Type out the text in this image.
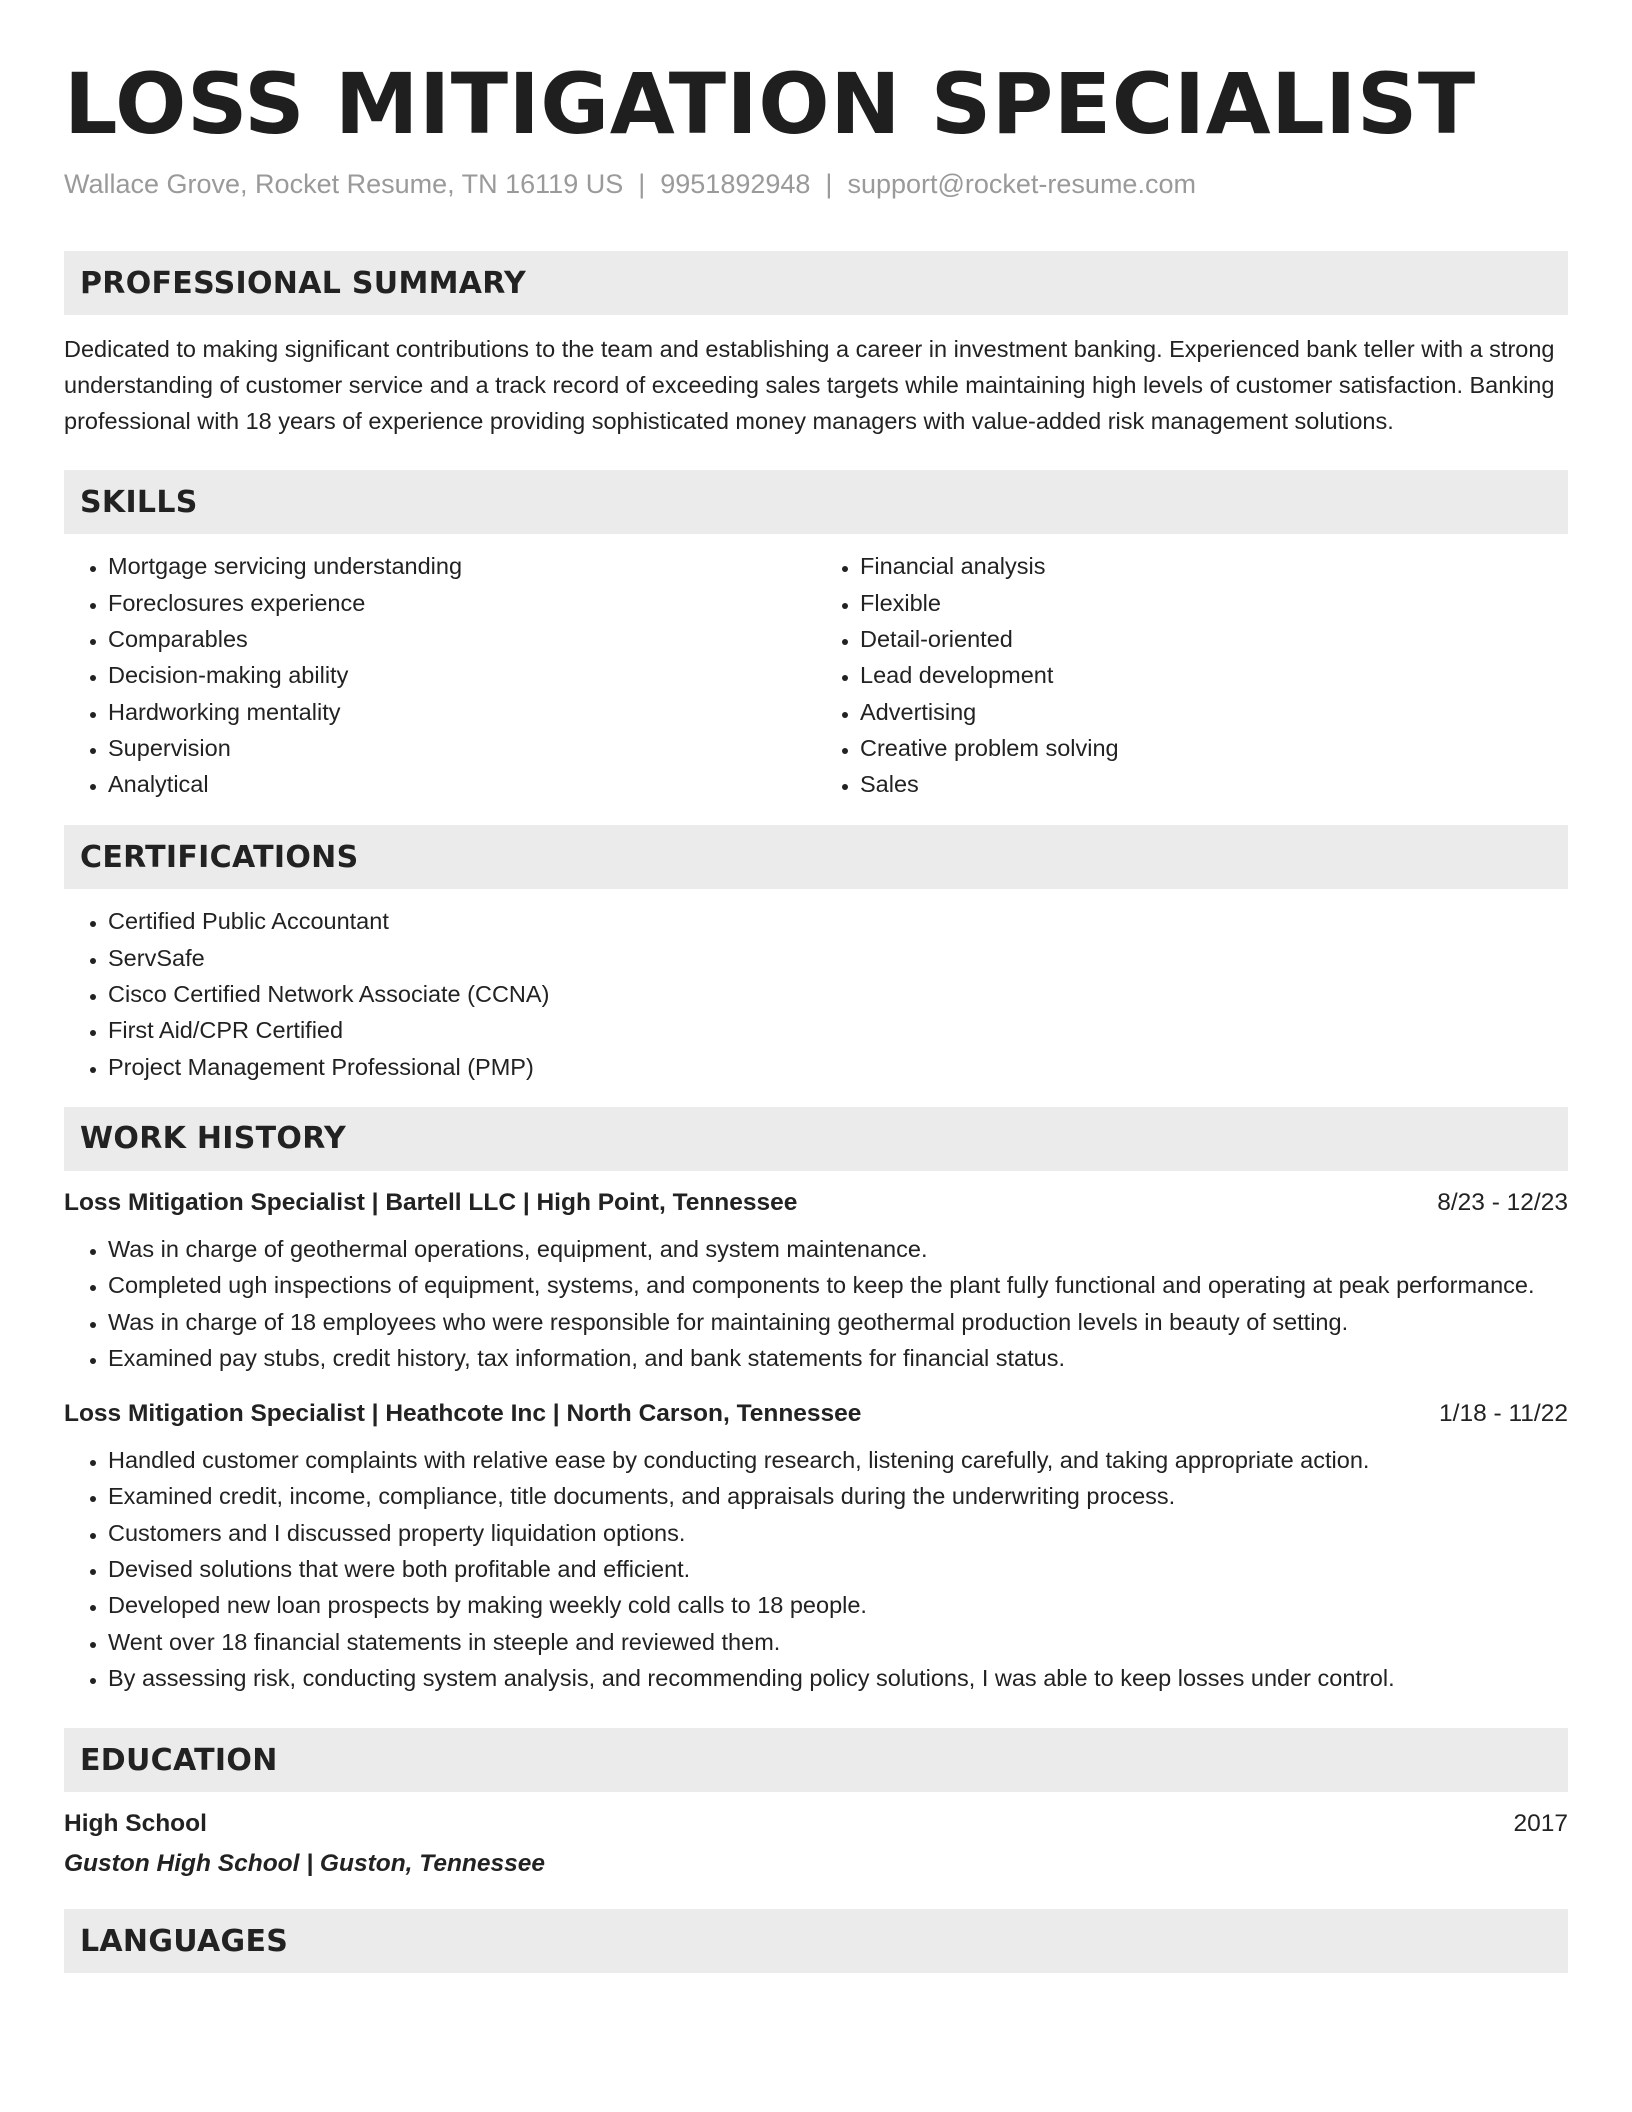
LOSS MITIGATION SPECIALIST
Wallace Grove, Rocket Resume, TN 16119 US | 9951892948 | support@rocket-resume.com
PROFESSIONAL SUMMARY

Dedicated to making significant contributions to the team and establishing a career in investment banking. Experienced bank teller with a strong understanding of customer service and a track record of exceeding sales targets while maintaining high levels of customer satisfaction. Banking professional with 18 years of experience providing sophisticated money managers with value-added risk management solutions.

SKILLS
• Mortgage servicing understanding
• Foreclosures experience
• Comparables
• Decision-making ability
• Hardworking mentality
• Supervision
• Analytical
• Financial analysis
• Flexible
• Detail-oriented
• Lead development
• Advertising
• Creative problem solving
• Sales
CERTIFICATIONS
• Certified Public Accountant
• ServSafe
• Cisco Certified Network Associate (CCNA)
• First Aid/CPR Certified
• Project Management Professional (PMP)
WORK HISTORY
Loss Mitigation Specialist | Bartell LLC | High Point, Tennessee	8/23 - 12/23
• Was in charge of geothermal operations, equipment, and system maintenance.
• Completed ugh inspections of equipment, systems, and components to keep the plant fully functional and operating at peak performance.
• Was in charge of 18 employees who were responsible for maintaining geothermal production levels in beauty of setting.
• Examined pay stubs, credit history, tax information, and bank statements for financial status.
Loss Mitigation Specialist | Heathcote Inc | North Carson, Tennessee	1/18 - 11/22
• Handled customer complaints with relative ease by conducting research, listening carefully, and taking appropriate action.
• Examined credit, income, compliance, title documents, and appraisals during the underwriting process.
• Customers and I discussed property liquidation options.
• Devised solutions that were both profitable and efficient.
• Developed new loan prospects by making weekly cold calls to 18 people.
• Went over 18 financial statements in steeple and reviewed them.
• By assessing risk, conducting system analysis, and recommending policy solutions, I was able to keep losses under control.
EDUCATION
High School	2017
Guston High School | Guston, Tennessee
LANGUAGES
